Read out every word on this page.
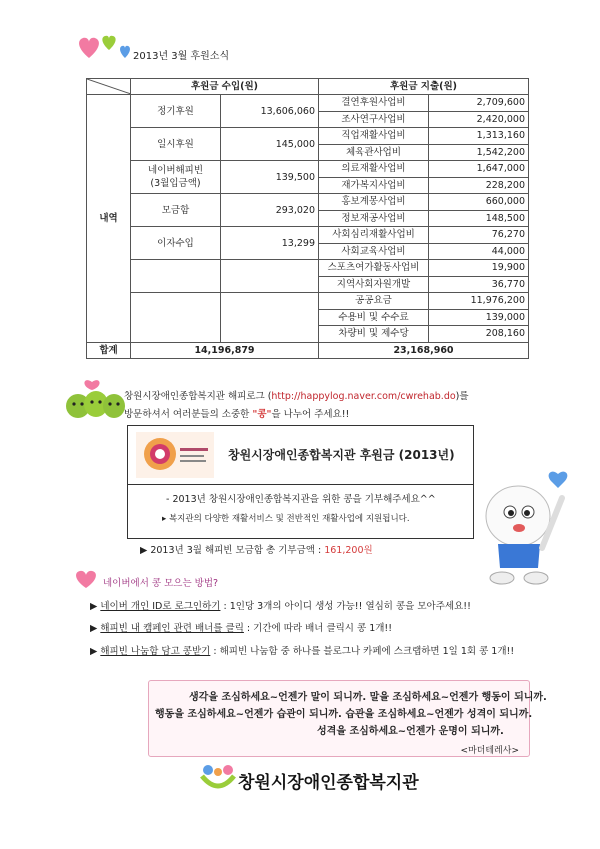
2013년 3월 후원소식
	후원금 수입(원)		후원금 지출(원)	
내역	정기후원	13,606,060	결연후원사업비	2,709,600
			조사연구사업비	2,420,000
	일시후원	145,000	직업재활사업비	1,313,160
			체육관사업비	1,542,200
	네이버해피빈
(3월입금액)	139,500	의료재활사업비	1,647,000
			재가복지사업비	228,200
	모금함	293,020	홍보계몽사업비	660,000
			정보재공사업비	148,500
	이자수입	13,299	사회심리재활사업비	76,270
			사회교육사업비	44,000
			스포츠여가활동사업비	19,900
			지역사회자원개발	36,770
			공공요금	11,976,200
			수용비 및 수수료	139,000
			차량비 및 제수당	208,160
합계	14,196,879		23,168,960	
창원시장애인종합복지관 해피로그 (http://happylog.naver.com/cwrehab.do)를
방문하셔서 여러분들의 소중한 "콩"을 나누어 주세요!!
창원시장애인종합복지관 후원금 (2013년)
- 2013년 창원시장애인종합복지관을 위한 콩을 기부해주세요^^
▸ 복지관의 다양한 재활서비스 및 전반적인 재활사업에 지원됩니다.
▶ 2013년 3월 해피빈 모금함 총 기부금액 : 161,200원
네이버에서 콩 모으는 방법?
▶ 네이버 개인 ID로 로그인하기 : 1인당 3개의 아이디 생성 가능!! 열심히 콩을 모아주세요!!
▶ 해피빈 내 캠페인 관련 배너를 클릭 : 기간에 따라 배너 클릭시 콩 1개!!
▶ 해피빈 나눔함 담고 콩받기 : 해피빈 나눔함 중 하나를 블로그나 카페에 스크랩하면 1일 1회 콩 1개!!
생각을 조심하세요~언젠가 말이 되니까. 말을 조심하세요~언젠가 행동이 되니까.
행동을 조심하세요~언젠가 습관이 되니까. 습관을 조심하세요~언젠가 성격이 되니까.
성격을 조심하세요~언젠가 운명이 되니까.
<마더테레사>
창원시장애인종합복지관
